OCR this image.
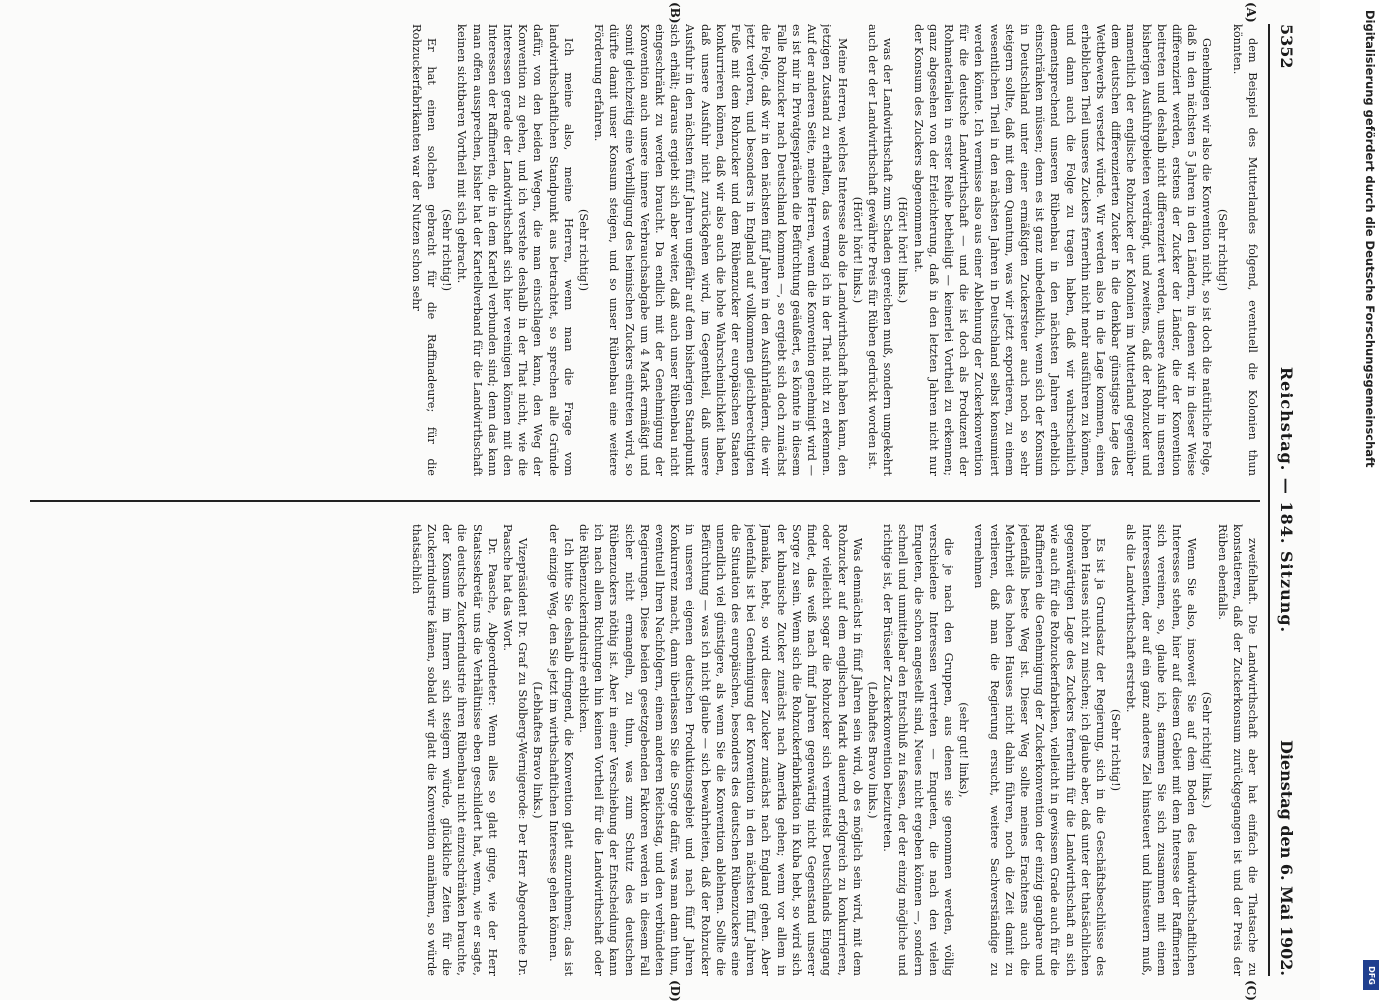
5352
Reichstag. — 184. Sitzung.
Dienstag den 6. Mai 1902.
(A)
(B)
(C)
(D)

dem Beispiel des Mutterlandes folgend, eventuell die Kolonien thun könnten.

(Sehr richtig!)

Genehmigen wir also die Konvention nicht, so ist doch die natürliche Folge, daß in den nächsten 5 Jahren in den Ländern, in denen wir in dieser Weise differenziert werden, erstens der Zucker der Länder, die der Konvention beitreten und deshalb nicht differenziert werden, unsere Ausfuhr in unseren bisherigen Ausfuhrgebieten verdrängt, und zweitens, daß der Rohzucker und namentlich der englische Rohzucker der Kolonien im Mutterland gegenüber dem deutschen differenzierten Zucker in die denkbar günstigste Lage des Wettbewerbs versetzt würde. Wir werden also in die Lage kommen, einen erheblichen Theil unseres Zuckers fernerhin nicht mehr ausführen zu können, und dann auch die Folge zu tragen haben, daß wir wahrscheinlich dementsprechend unseren Rübenbau in den nächsten Jahren erheblich einschränken müssen; denn es ist ganz unbedenklich, wenn sich der Konsum in Deutschland unter einer ermäßigten Zuckersteuer auch noch so sehr steigern sollte, daß mit dem Quantum, was wir jetzt exportieren, zu einem wesentlichen Theil in den nächsten Jahren in Deutschland selbst konsumiert werden könnte. Ich vermisse also aus einer Ablehnung der Zuckerkonvention für die deutsche Landwirthschaft — und die ist doch als Produzent der Rohmaterialien in erster Reihe betheiligt — keinerlei Vortheil zu erkennen; ganz abgesehen von der Erleichterung, daß in den letzten Jahren nicht nur der Konsum des Zuckers abgenommen hat.

(Hört! hört! links.)

was der Landwirthschaft zum Schaden gereichen muß, sondern umgekehrt auch der der Landwirthschaft gewährte Preis für Rüben gedrückt worden ist.

(Hört! hört! links.)

Meine Herren, welches Interesse also die Landwirthschaft haben kann, den jetzigen Zustand zu erhalten, das vermag ich in der That nicht zu erkennen. Auf der anderen Seite, meine Herren, wenn die Konvention genehmigt wird — es ist mir in Privatgesprächen die Befürchtung geäußert, es könnte in diesem Falle Rohzucker nach Deutschland kommen —, so ergiebt sich doch zunächst die Folge, daß wir in den nächsten fünf Jahren in den Ausfuhrländern, die wir jetzt verloren, und besonders in England auf vollkommen gleichberechtigten Fuße mit dem Rohzucker und dem Rübenzucker der europäischen Staaten konkurrieren können, daß wir also auch die hohe Wahrscheinlichkeit haben, daß unsere Ausfuhr nicht zurückgehen wird, im Gegentheil, daß unsere Ausfuhr in den nächsten fünf Jahren ungefähr auf dem bisherigen Standpunkt sich erhält; daraus ergiebt sich aber weiter, daß auch unser Rübenbau nicht eingeschränkt zu werden braucht. Da endlich mit der Genehmigung der Konvention auch unsere innere Verbrauchsabgabe um 4 Mark ermäßigt und somit gleichzeitig eine Verbilligung des heimischen Zuckers eintreten wird, so dürfte damit unser Konsum steigen, und so unser Rübenbau eine weitere Förderung erfahren.

(Sehr richtig!)

Ich meine also, meine Herren, wenn man die Frage vom landwirthschaftlichen Standpunkt aus betrachtet, so sprechen alle Gründe dafür, von den beiden Wegen, die man einschlagen kann, den Weg der Konvention zu gehen, und ich verstehe deshalb in der That nicht, wie die Interessen gerade der Landwirthschaft sich hier vereinigen können mit den Interessen der Raffinerien, die in dem Kartell verbunden sind; denn das kann man offen aussprechen, bisher hat der Kartellverband für die Landwirthschaft keinen sichtbaren Vortheil mit sich gebracht.

(Sehr richtig!)

Er hat einen solchen gebracht für die Raffinadeure; für die Rohzuckerfabrikanten war der Nutzen schon sehr

zweifelhaft. Die Landwirthschaft aber hat einfach die Thatsache zu konstatieren, daß der Zuckerkonsum zurückgegangen ist und der Preis der Rüben ebenfalls.

(Sehr richtig! links.)

Wenn Sie also, insoweit Sie auf dem Boden des landwirthschaftlichen Interesses stehen, hier auf diesem Gebiet mit dem Interesse der Raffinerien sich vereinen, so, glaube ich, stammen Sie sich zusammen mit einem Interessenten, der auf ein ganz anderes Ziel hinsteuert und hinsteuern muß, als die Landwirthschaft erstrebt.

(Sehr richtig!)

Es ist ja Grundsatz der Regierung, sich in die Geschäftsbeschlüsse des hohen Hauses nicht zu mischen; ich glaube aber, daß unter der thatsächlichen gegenwärtigen Lage des Zuckers fernerhin für die Landwirthschaft an sich wie auch für die Rohzuckerfabriken, vielleicht in gewissem Grade auch für die Raffinerien die Genehmigung der Zuckerkonvention der einzig gangbare und jedenfalls beste Weg ist. Dieser Weg sollte meines Erachtens auch die Mehrheit des hohen Hauses nicht dahin führen, noch die Zeit damit zu verlieren, daß man die Regierung ersucht, weitere Sachverständige zu vernehmen

(sehr gut! links),

die je nach den Gruppen, aus denen sie genommen werden, völlig verschiedene Interessen vertreten — Enqueten, die nach den vielen Enqueten, die schon angestellt sind, Neues nicht ergeben können —, sondern schnell und unmittelbar den Entschluß zu fassen, der der einzig mögliche und richtige ist, der Brüsseler Zuckerkonvention beizutreten.

(Lebhaftes Bravo links.)

Was demnächst in fünf Jahren sein wird, ob es möglich sein wird, mit dem Rohzucker auf dem englischen Markt dauernd erfolgreich zu konkurrieren, oder vielleicht sogar die Rohzucker sich vermittelst Deutschlands Eingang findet, das weiß nach fünf Jahren gegenwärtig nicht Gegenstand unserer Sorge zu sein. Wenn sich die Rohzuckerfabrikation in Kuba hebt, so wird sich der kubanische Zucker zunächst nach Amerika gehen; wenn vor allem in Jamaika, hebt, so wird dieser Zucker zunächst nach England gehen. Aber jedenfalls ist bei Genehmigung der Konvention in den nächsten fünf Jahren die Situation des europäischen, besonders des deutschen Rübenzuckers eine unendlich viel günstigere, als wenn Sie die Konvention ablehnen. Sollte die Befürchtung — was ich nicht glaube — sich bewahrheiten, daß der Rohzucker in unseren eigenen deutschen Produktionsgebiet und nach fünf Jahren Konkurrenz macht, dann überlassen Sie die Sorge dafür, was man dann thun, eventuell Ihren Nachfolgern, einem anderen Reichstag, und den verbündeten Regierungen. Diese beiden gesetzgebenden Faktoren werden in diesem Fall sicher nicht ermangeln, zu thun, was zum Schutz des deutschen Rübenzuckers nöthig ist. Aber in einer Verschiebung der Entscheidung kann ich nach allem Richtungen hin keinen Vortheil für die Landwirthschaft oder die Rübenzuckerindustrie erblicken.

Ich bitte Sie deshalb dringend, die Konvention glatt anzunehmen; das ist der einzige Weg, den Sie jetzt im wirthschaftlichen Interesse gehen können.

(Lebhaftes Bravo links.)

Vizepräsident Dr. Graf zu Stolberg-Wernigerode: Der Herr Abgeordnete Dr. Paasche hat das Wort.

Dr. Paasche, Abgeordneter: Wenn alles so glatt ginge, wie der Herr Staatssekretär uns die Verhältnisse eben geschildert hat, wenn, wie er sagte, die deutsche Zuckerindustrie ihren Rübenbau nicht einzuschränken brauchte, der Konsum im Innern sich steigern würde, glückliche Zeiten für die Zuckerindustrie kämen, sobald wir glatt die Konvention annähmen, so würde thatsächlich

Digitalisierung gefördert durch die Deutsche Forschungsgemeinschaft
DFG
